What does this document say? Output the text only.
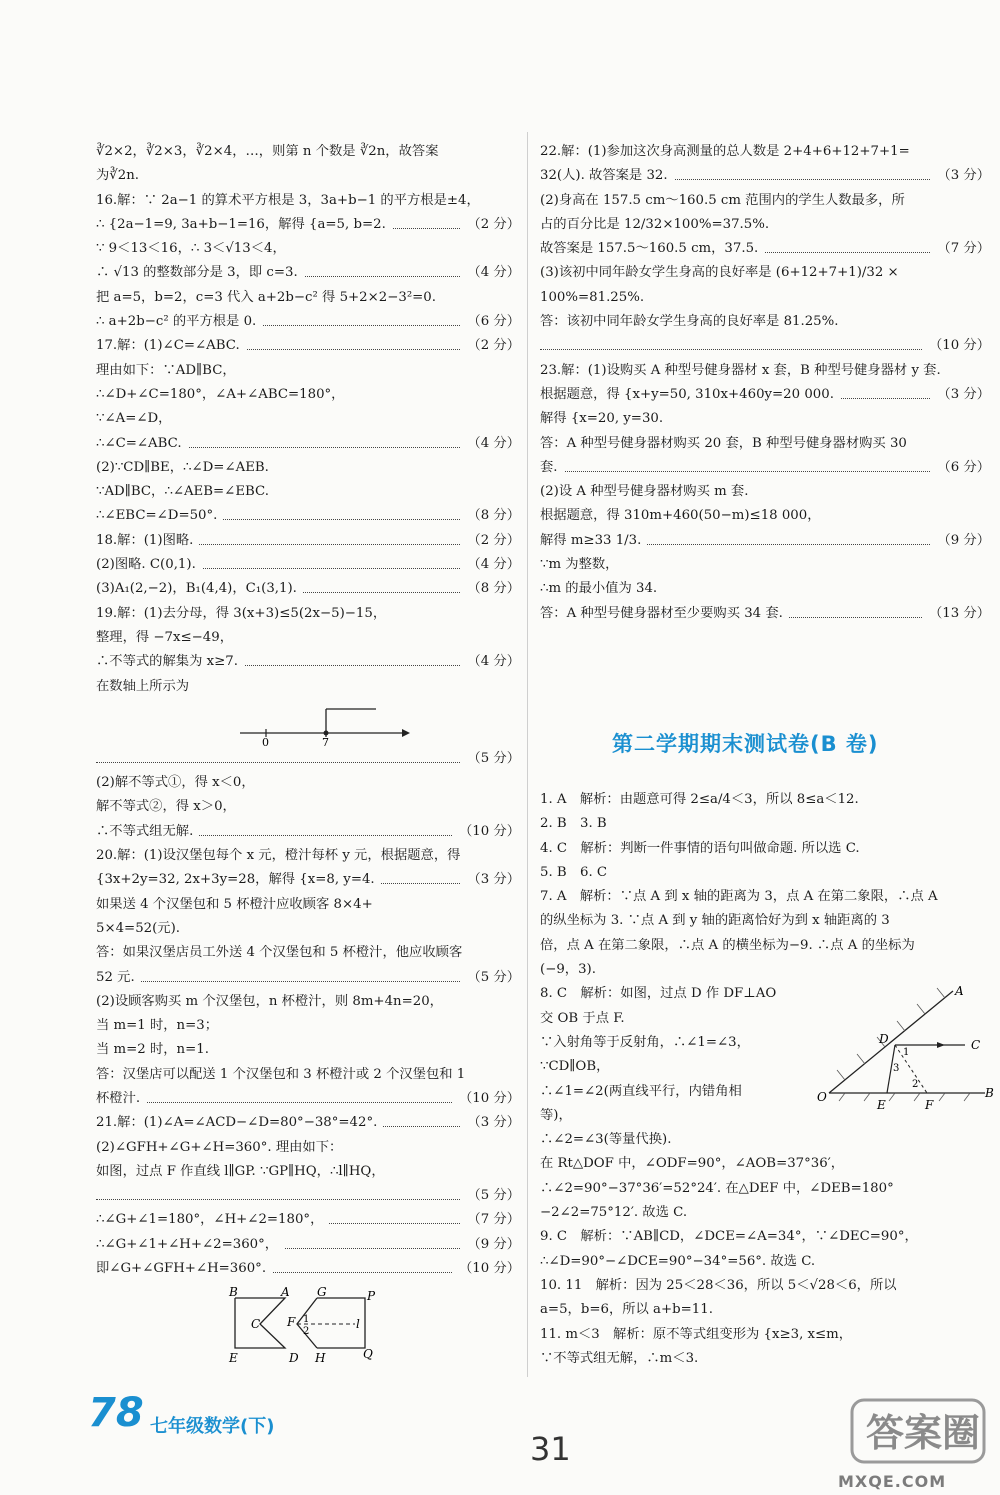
∛2×2，∛2×3，∛2×4，…，则第 n 个数是 ∛2n，故答案
为∛2n.
16.解：∵ 2a−1 的算术平方根是 3，3a+b−1 的平方根是±4，
∴ {2a−1=9, 3a+b−1=16，解得 {a=5, b=2.	（2 分）
∵ 9＜13＜16，∴ 3＜√13＜4，
∴ √13 的整数部分是 3，即 c=3.	（4 分）
把 a=5，b=2，c=3 代入 a+2b−c² 得 5+2×2−3²=0.
∴ a+2b−c² 的平方根是 0.	（6 分）
17.解：(1)∠C=∠ABC.	（2 分）
理由如下：∵AD∥BC，
∴∠D+∠C=180°，∠A+∠ABC=180°，
∵∠A=∠D，
∴∠C=∠ABC.	（4 分）
(2)∵CD∥BE，∴∠D=∠AEB.
∵AD∥BC，∴∠AEB=∠EBC.
∴∠EBC=∠D=50°.	（8 分）
18.解：(1)图略.	（2 分）
(2)图略. C(0,1).	（4 分）
(3)A₁(2,−2)，B₁(4,4)，C₁(3,1).	（8 分）
19.解：(1)去分母，得 3(x+3)≤5(2x−5)−15，
整理，得 −7x≤−49，
∴不等式的解集为 x≥7.	（4 分）
在数轴上所示为
0	7
（5 分）
(2)解不等式①，得 x＜0，
解不等式②，得 x＞0，
∴不等式组无解.	（10 分）
20.解：(1)设汉堡包每个 x 元，橙汁每杯 y 元，根据题意，得
{3x+2y=32, 2x+3y=28，解得 {x=8, y=4.	（3 分）
如果送 4 个汉堡包和 5 杯橙汁应收顾客 8×4+
5×4=52(元).
答：如果汉堡店员工外送 4 个汉堡包和 5 杯橙汁，他应收顾客
52 元.	（5 分）
(2)设顾客购买 m 个汉堡包，n 杯橙汁，则 8m+4n=20，
当 m=1 时，n=3；
当 m=2 时，n=1.
答：汉堡店可以配送 1 个汉堡包和 3 杯橙汁或 2 个汉堡包和 1
杯橙汁.	（10 分）
21.解：(1)∠A=∠ACD−∠D=80°−38°=42°.	（3 分）
(2)∠GFH+∠G+∠H=360°. 理由如下：
如图，过点 F 作直线 l∥GP. ∵GP∥HQ，∴l∥HQ，
（5 分）
∴∠G+∠1=180°，∠H+∠2=180°，	（7 分）
∴∠G+∠1+∠H+∠2=360°，	（9 分）
即∠G+∠GFH+∠H=360°.	（10 分）
22.解：(1)参加这次身高测量的总人数是 2+4+6+12+7+1=
32(人). 故答案是 32.	（3 分）
(2)身高在 157.5 cm～160.5 cm 范围内的学生人数最多，所
占的百分比是 12/32×100%=37.5%.
故答案是 157.5～160.5 cm，37.5.	（7 分）
(3)该初中同年龄女学生身高的良好率是 (6+12+7+1)/32 ×
100%=81.25%.
答：该初中同年龄女学生身高的良好率是 81.25%.
（10 分）
23.解：(1)设购买 A 种型号健身器材 x 套，B 种型号健身器材 y 套.
根据题意，得 {x+y=50, 310x+460y=20 000.	（3 分）
解得 {x=20, y=30.
答：A 种型号健身器材购买 20 套，B 种型号健身器材购买 30
套.	（6 分）
(2)设 A 种型号健身器材购买 m 套.
根据题意，得 310m+460(50−m)≤18 000，
解得 m≥33 1/3.	（9 分）
∵m 为整数，
∴m 的最小值为 34.
答：A 种型号健身器材至少要购买 34 套.	（13 分）
第二学期期末测试卷(B 卷)
1. A　解析：由题意可得 2≤a/4＜3，所以 8≤a＜12.
2. B　3. B
4. C　解析：判断一件事情的语句叫做命题. 所以选 C.
5. B　6. C
7. A　解析：∵点 A 到 x 轴的距离为 3，点 A 在第二象限，∴点 A
的纵坐标为 3. ∵点 A 到 y 轴的距离恰好为到 x 轴距离的 3
倍，点 A 在第二象限，∴点 A 的横坐标为−9. ∴点 A 的坐标为
(−9，3).
8. C　解析：如图，过点 D 作 DF⊥AO
交 OB 于点 F.
∵入射角等于反射角，∴∠1=∠3，
∵CD∥OB，
∴∠1=∠2(两直线平行，内错角相
等)，
∴∠2=∠3(等量代换).
在 Rt△DOF 中，∠ODF=90°，∠AOB=37°36′，
∴∠2=90°−37°36′=52°24′. 在△DEF 中，∠DEB=180°
−2∠2=75°12′. 故选 C.
9. C　解析：∵AB∥CD，∠DCE=∠A=34°，∵∠DEC=90°，
∴∠D=90°−∠DCE=90°−34°=56°. 故选 C.
10. 11　解析：因为 25＜28＜36，所以 5＜√28＜6，所以
a=5，b=6，所以 a+b=11.
11. m＜3　解析：原不等式组变形为 {x≥3, x≤m，
∵不等式组无解，∴m＜3.
B	A G	P
C F 1
2
l
E	D H	Q
A
D	C
1
3
2
O
E	F
B
78 七年级数学(下)
31	答案圈
MXQE.COM
